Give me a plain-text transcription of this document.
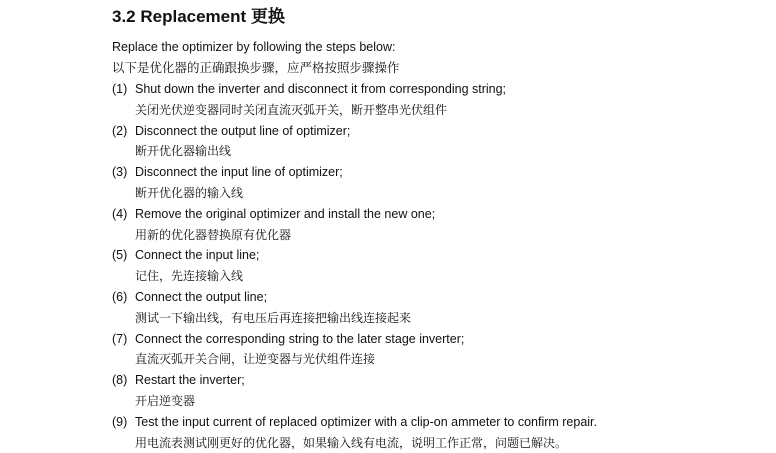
3.2 Replacement 更换
Replace the optimizer by following the steps below:
以下是优化器的正确跟换步骤，应严格按照步骤操作
(1) Shut down the inverter and disconnect it from corresponding string;
关闭光伏逆变器同时关闭直流灭弧开关，断开整串光伏组件
(2) Disconnect the output line of optimizer;
断开优化器输出线
(3) Disconnect the input line of optimizer;
断开优化器的输入线
(4) Remove the original optimizer and install the new one;
用新的优化器替换原有优化器
(5) Connect the input line;
记住，先连接输入线
(6) Connect the output line;
测试一下输出线，有电压后再连接把输出线连接起来
(7) Connect the corresponding string to the later stage inverter;
直流灭弧开关合闸，让逆变器与光伏组件连接
(8) Restart the inverter;
开启逆变器
(9) Test the input current of replaced optimizer with a clip-on ammeter to confirm repair.
用电流表测试刚更好的优化器，如果输入线有电流，说明工作正常，问题已解决。
